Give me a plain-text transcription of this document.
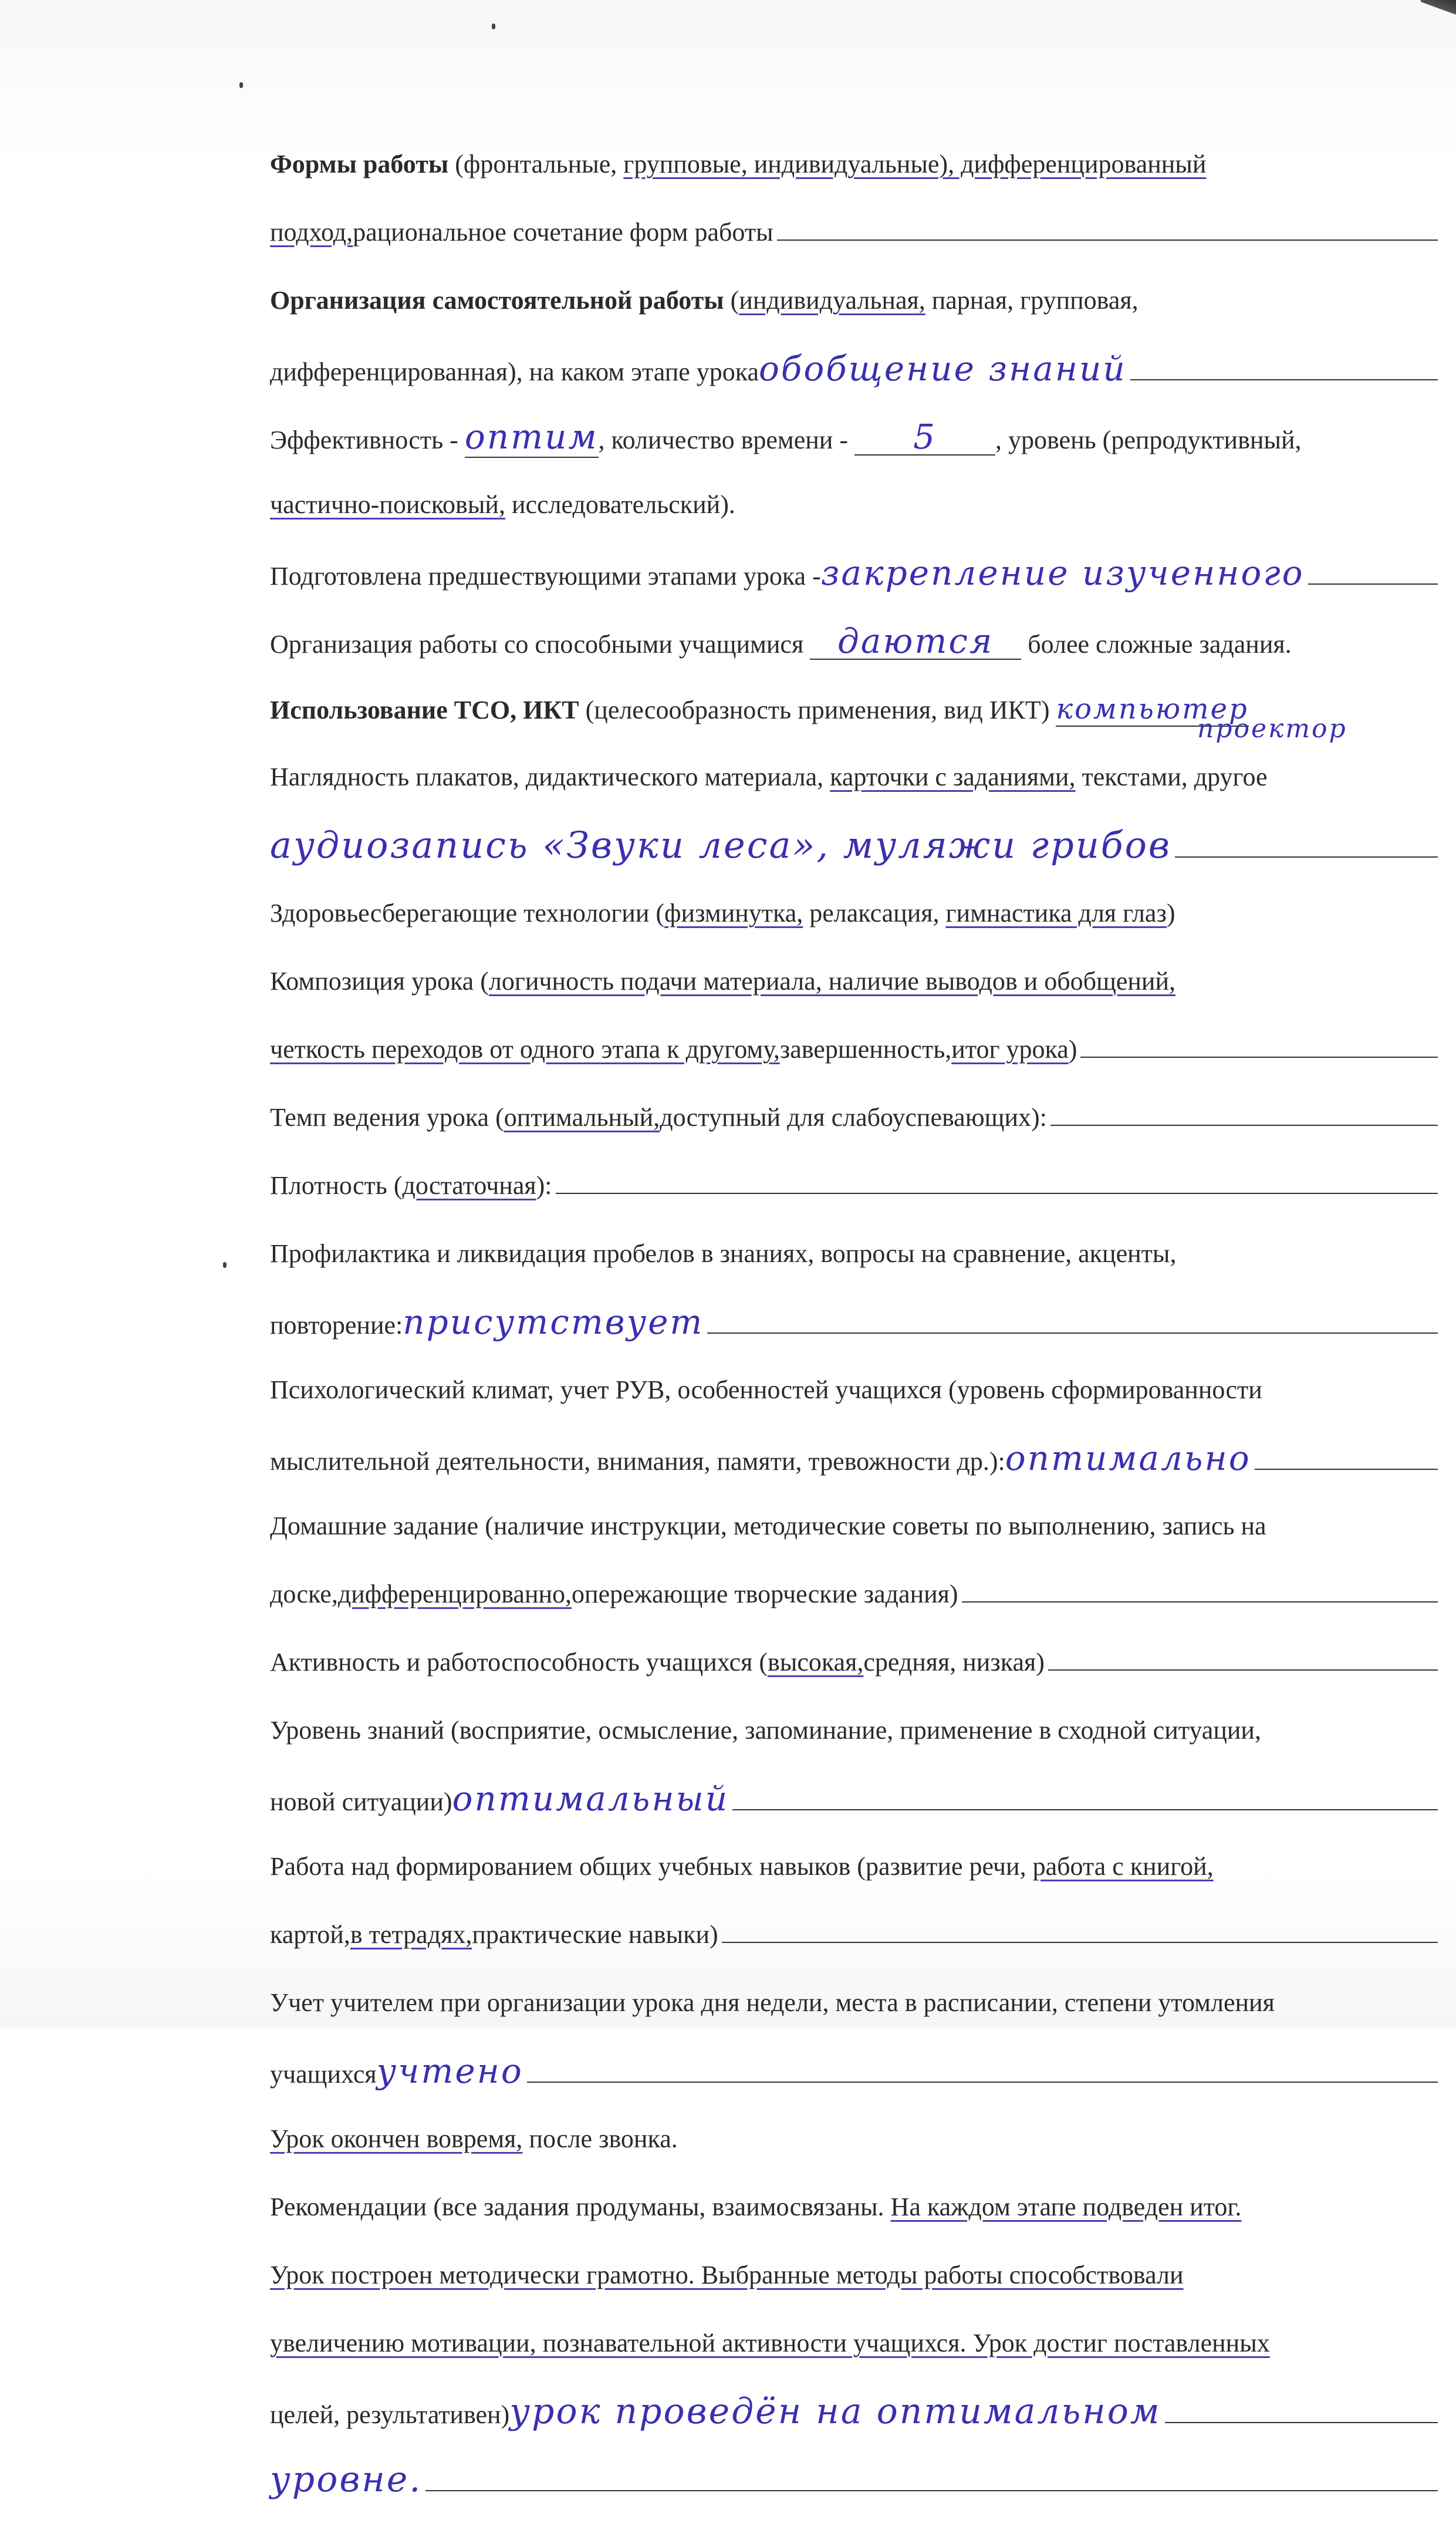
Формы работы (фронтальные, групповые, индивидуальные), дифференцированный
подход, рациональное сочетание форм работы
Организация самостоятельной работы (индивидуальная, парная, групповая,
дифференцированная), на каком этапе урока обобщение знаний
Эффективность - оптим, количество времени - 5 , уровень (репродуктивный,
частично-поисковый, исследовательский).
Подготовлена предшествующими этапами урока - закрепление изученного
Организация работы со способными учащимися даются более сложные задания.
Использование ТСО, ИКТ (целесообразность применения, вид ИКТ) компьютер
проектор
Наглядность плакатов, дидактического материала, карточки с заданиями, текстами, другое
аудиозапись «Звуки леса», муляжи грибов
Здоровьесберегающие технологии (физминутка, релаксация, гимнастика для глаз)
Композиция урока (логичность подачи материала, наличие выводов и обобщений,
четкость переходов от одного этапа к другому, завершенность, итог урока )
Темп ведения урока ( оптимальный, доступный для слабоуспевающих):
Плотность ( достаточная ):
Профилактика и ликвидация пробелов в знаниях, вопросы на сравнение, акценты,
повторение: присутствует
Психологический климат, учет РУВ, особенностей учащихся (уровень сформированности
мыслительной деятельности, внимания, памяти, тревожности др.): оптимально
Домашние задание (наличие инструкции, методические советы по выполнению, запись на
доске, дифференцированно, опережающие творческие задания)
Активность и работоспособность учащихся ( высокая, средняя, низкая)
Уровень знаний (восприятие, осмысление, запоминание, применение в сходной ситуации,
новой ситуации) оптимальный
Работа над формированием общих учебных навыков (развитие речи, работа с книгой,
картой, в тетрадях, практические навыки)
Учет учителем при организации урока дня недели, места в расписании, степени утомления
учащихся учтено
Урок окончен вовремя, после звонка.
Рекомендации (все задания продуманы, взаимосвязаны. На каждом этапе подведен итог.
Урок построен методически грамотно. Выбранные методы работы способствовали
увеличению мотивации, познавательной активности учащихся. Урок достиг поставленных
целей, результативен) урок проведён на оптимальном
уровне.
